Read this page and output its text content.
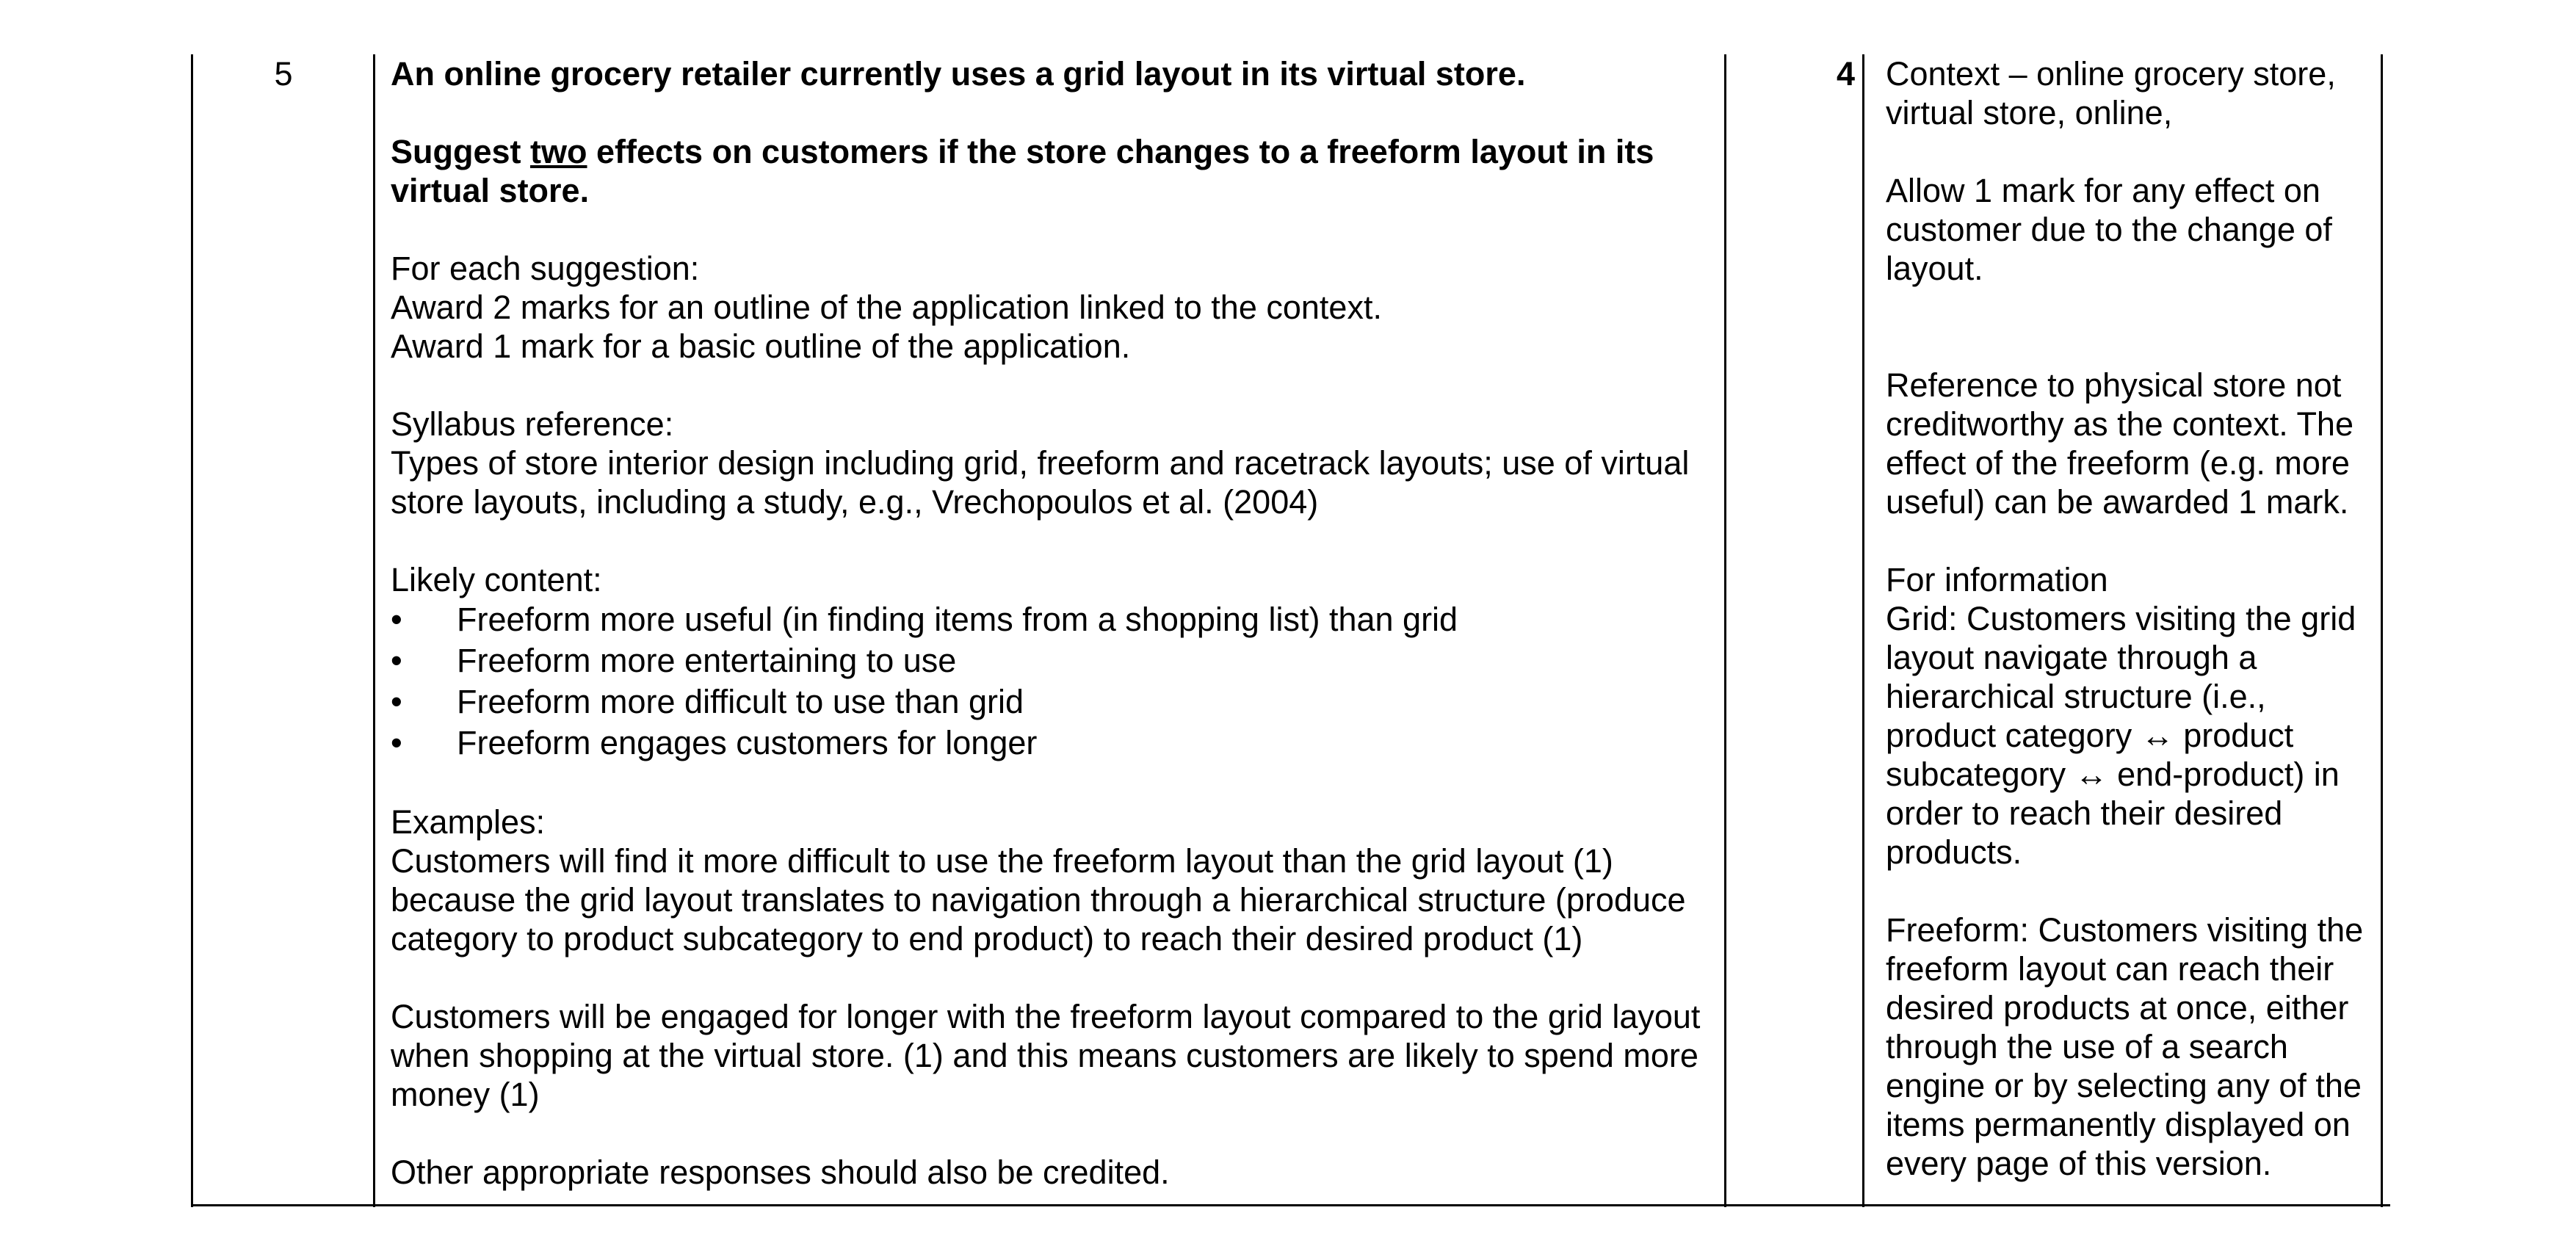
5	An online grocery retailer currently uses a grid layout in its virtual store.

Suggest two effects on customers if the store changes to a freeform layout in its virtual store.

For each suggestion:

Award 2 marks for an outline of the application linked to the context.

Award 1 mark for a basic outline of the application.

Syllabus reference:

Types of store interior design including grid, freeform and racetrack layouts; use of virtual store layouts, including a study, e.g., Vrechopoulos et al. (2004)

Likely content:

• Freeform more useful (in finding items from a shopping list) than grid
• Freeform more entertaining to use
• Freeform more difficult to use than grid
• Freeform engages customers for longer

Examples:

Customers will find it more difficult to use the freeform layout than the grid layout (1) because the grid layout translates to navigation through a hierarchical structure (produce category to product subcategory to end product) to reach their desired product (1)

Customers will be engaged for longer with the freeform layout compared to the grid layout when shopping at the virtual store. (1) and this means customers are likely to spend more money (1)

Other appropriate responses should also be credited.

4 Context – online grocery store, virtual store, online,

Allow 1 mark for any effect on customer due to the change of layout.

Reference to physical store not creditworthy as the context. The effect of the freeform (e.g. more useful) can be awarded 1 mark.

For information

Grid: Customers visiting the grid layout navigate through a hierarchical structure (i.e., product category ↔ product subcategory ↔ end-product) in order to reach their desired products.

Freeform: Customers visiting the freeform layout can reach their desired products at once, either through the use of a search engine or by selecting any of the items permanently displayed on every page of this version.
